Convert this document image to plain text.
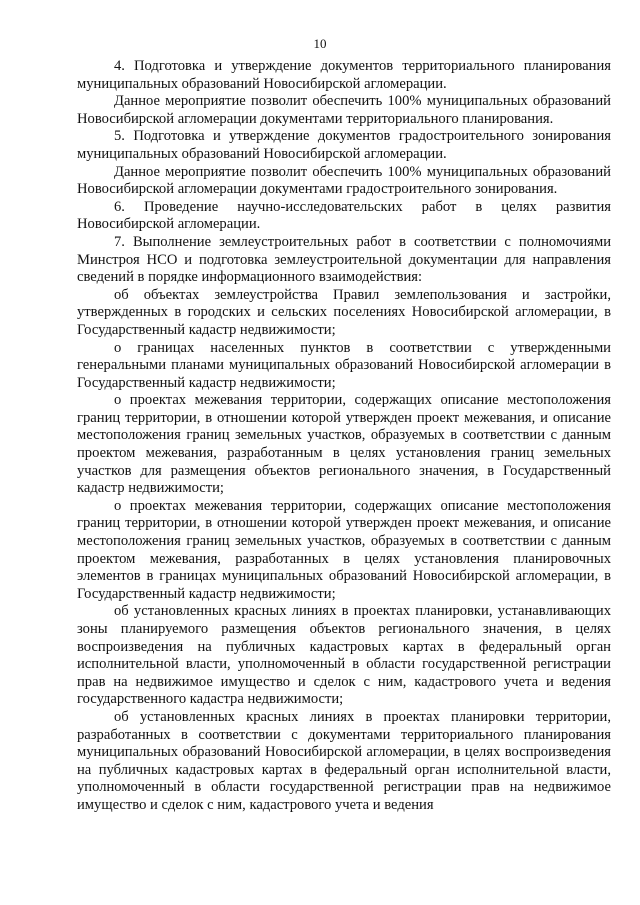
10

4. Подготовка и утверждение документов территориального планирования муниципальных образований Новосибирской агломерации.

Данное мероприятие позволит обеспечить 100% муниципальных образований Новосибирской агломерации документами территориального планирования.

5. Подготовка и утверждение документов градостроительного зонирования муниципальных образований Новосибирской агломерации.

Данное мероприятие позволит обеспечить 100% муниципальных образований Новосибирской агломерации документами градостроительного зонирования.

6. Проведение научно-исследовательских работ в целях развития Новосибирской агломерации.

7. Выполнение землеустроительных работ в соответствии с полномочиями Минстроя НСО и подготовка землеустроительной документации для направления сведений в порядке информационного взаимодействия:

об объектах землеустройства Правил землепользования и застройки, утвержденных в городских и сельских поселениях Новосибирской агломерации, в Государственный кадастр недвижимости;

о границах населенных пунктов в соответствии с утвержденными генеральными планами муниципальных образований Новосибирской агломерации в Государственный кадастр недвижимости;

о проектах межевания территории, содержащих описание местоположения границ территории, в отношении которой утвержден проект межевания, и описание местоположения границ земельных участков, образуемых в соответствии с данным проектом межевания, разработанным в целях установления границ земельных участков для размещения объектов регионального значения, в Государственный кадастр недвижимости;

о проектах межевания территории, содержащих описание местоположения границ территории, в отношении которой утвержден проект межевания, и описание местоположения границ земельных участков, образуемых в соответствии с данным проектом межевания, разработанных в целях установления планировочных элементов в границах муниципальных образований Новосибирской агломерации, в Государственный кадастр недвижимости;

об установленных красных линиях в проектах планировки, устанавливающих зоны планируемого размещения объектов регионального значения, в целях воспроизведения на публичных кадастровых картах в федеральный орган исполнительной власти, уполномоченный в области государственной регистрации прав на недвижимое имущество и сделок с ним, кадастрового учета и ведения государственного кадастра недвижимости;

об установленных красных линиях в проектах планировки территории, разработанных в соответствии с документами территориального планирования муниципальных образований Новосибирской агломерации, в целях воспроизведения на публичных кадастровых картах в федеральный орган исполнительной власти, уполномоченный в области государственной регистрации прав на недвижимое имущество и сделок с ним, кадастрового учета и ведения
